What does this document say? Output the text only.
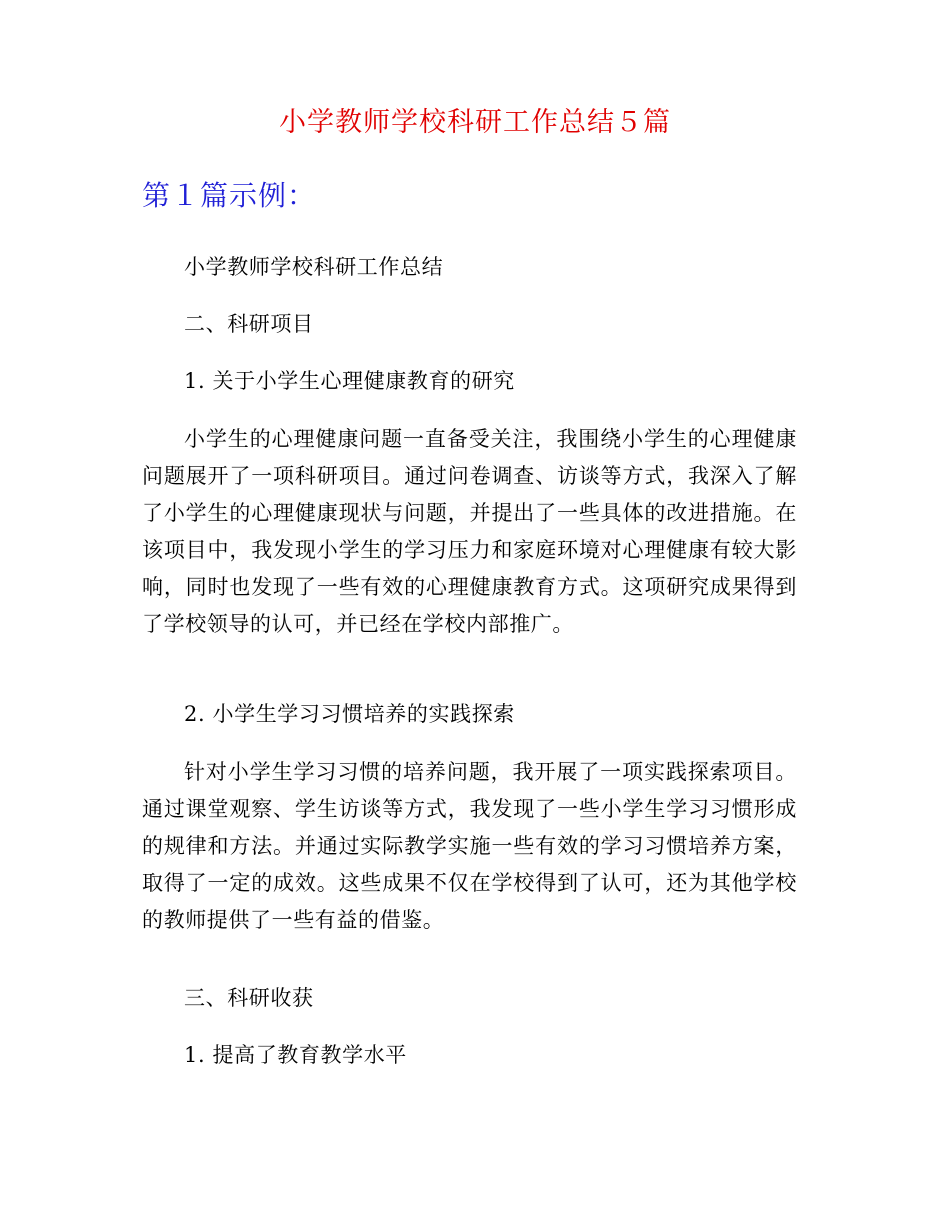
小学教师学校科研工作总结５篇
第１篇示例：
小学教师学校科研工作总结
二、科研项目
1. 关于小学生心理健康教育的研究
小学生的心理健康问题一直备受关注，我围绕小学生的心理健康问题展开了一项科研项目。通过问卷调查、访谈等方式，我深入了解了小学生的心理健康现状与问题，并提出了一些具体的改进措施。在该项目中，我发现小学生的学习压力和家庭环境对心理健康有较大影响，同时也发现了一些有效的心理健康教育方式。这项研究成果得到了学校领导的认可，并已经在学校内部推广。
2. 小学生学习习惯培养的实践探索
针对小学生学习习惯的培养问题，我开展了一项实践探索项目。通过课堂观察、学生访谈等方式，我发现了一些小学生学习习惯形成的规律和方法。并通过实际教学实施一些有效的学习习惯培养方案，取得了一定的成效。这些成果不仅在学校得到了认可，还为其他学校的教师提供了一些有益的借鉴。
三、科研收获
1. 提高了教育教学水平
